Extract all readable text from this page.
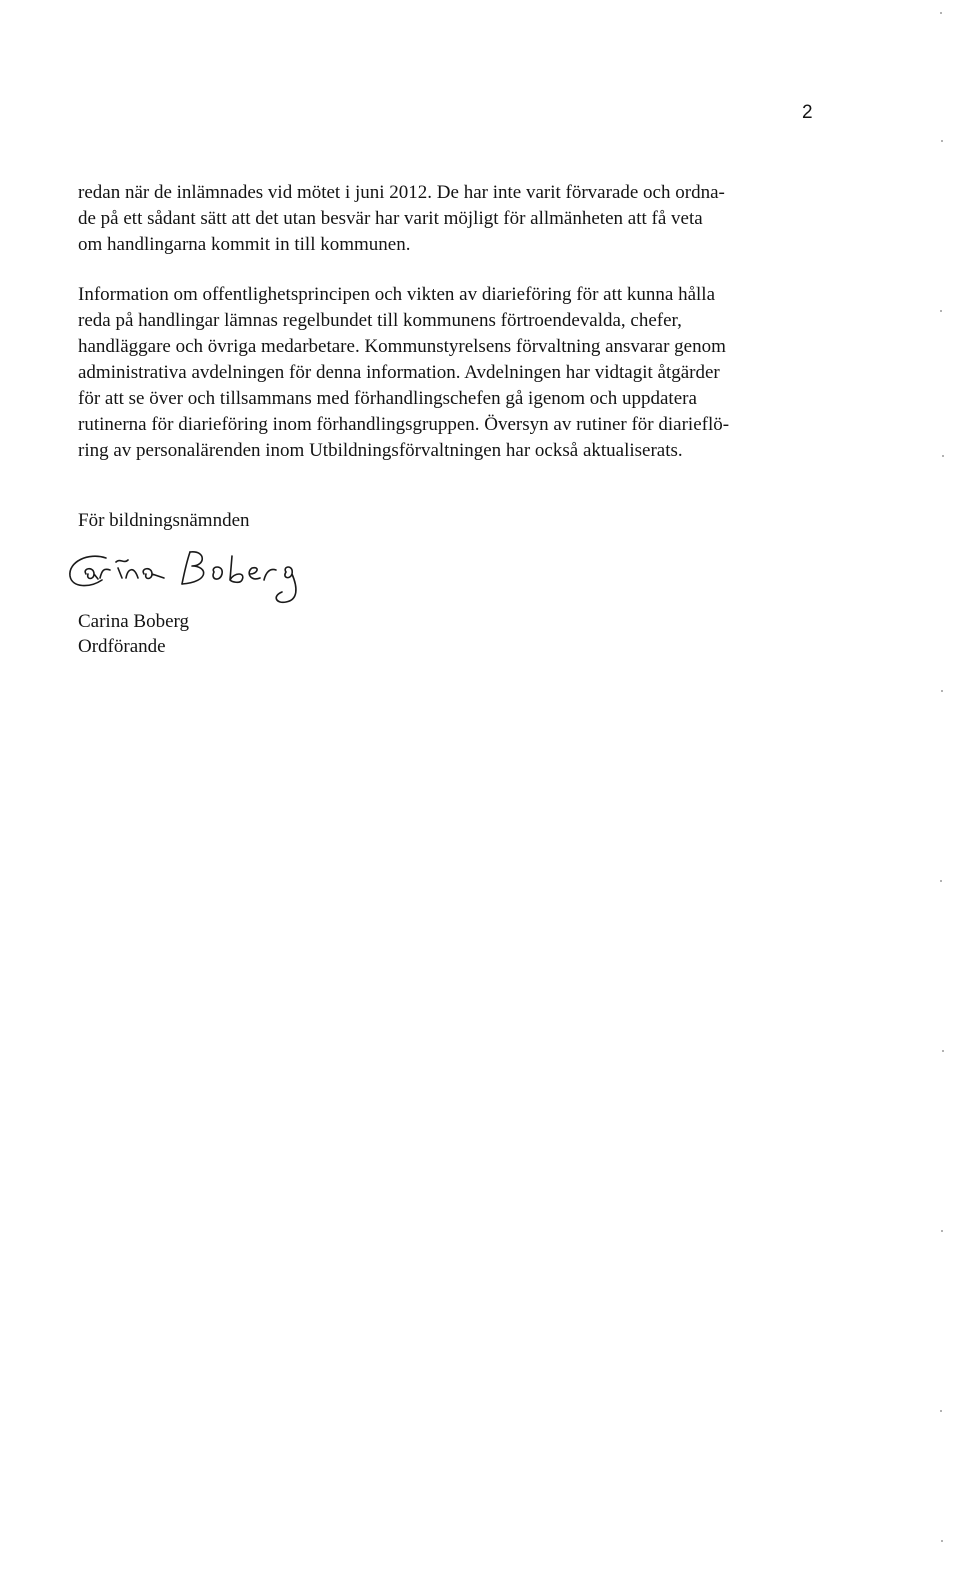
2

redan när de inlämnades vid mötet i juni 2012. De har inte varit förvarade och ordna-
de på ett sådant sätt att det utan besvär har varit möjligt för allmänheten att få veta
om handlingarna kommit in till kommunen.

Information om offentlighetsprincipen och vikten av diarieföring för att kunna hålla
reda på handlingar lämnas regelbundet till kommunens förtroendevalda, chefer,
handläggare och övriga medarbetare. Kommunstyrelsens förvaltning ansvarar genom
administrativa avdelningen för denna information. Avdelningen har vidtagit åtgärder
för att se över och tillsammans med förhandlingschefen gå igenom och uppdatera
rutinerna för diarieföring inom förhandlingsgruppen. Översyn av rutiner för diarieflö-
ring av personalärenden inom Utbildningsförvaltningen har också aktualiserats.

För bildningsnämnden
Carina Boberg
Ordförande
